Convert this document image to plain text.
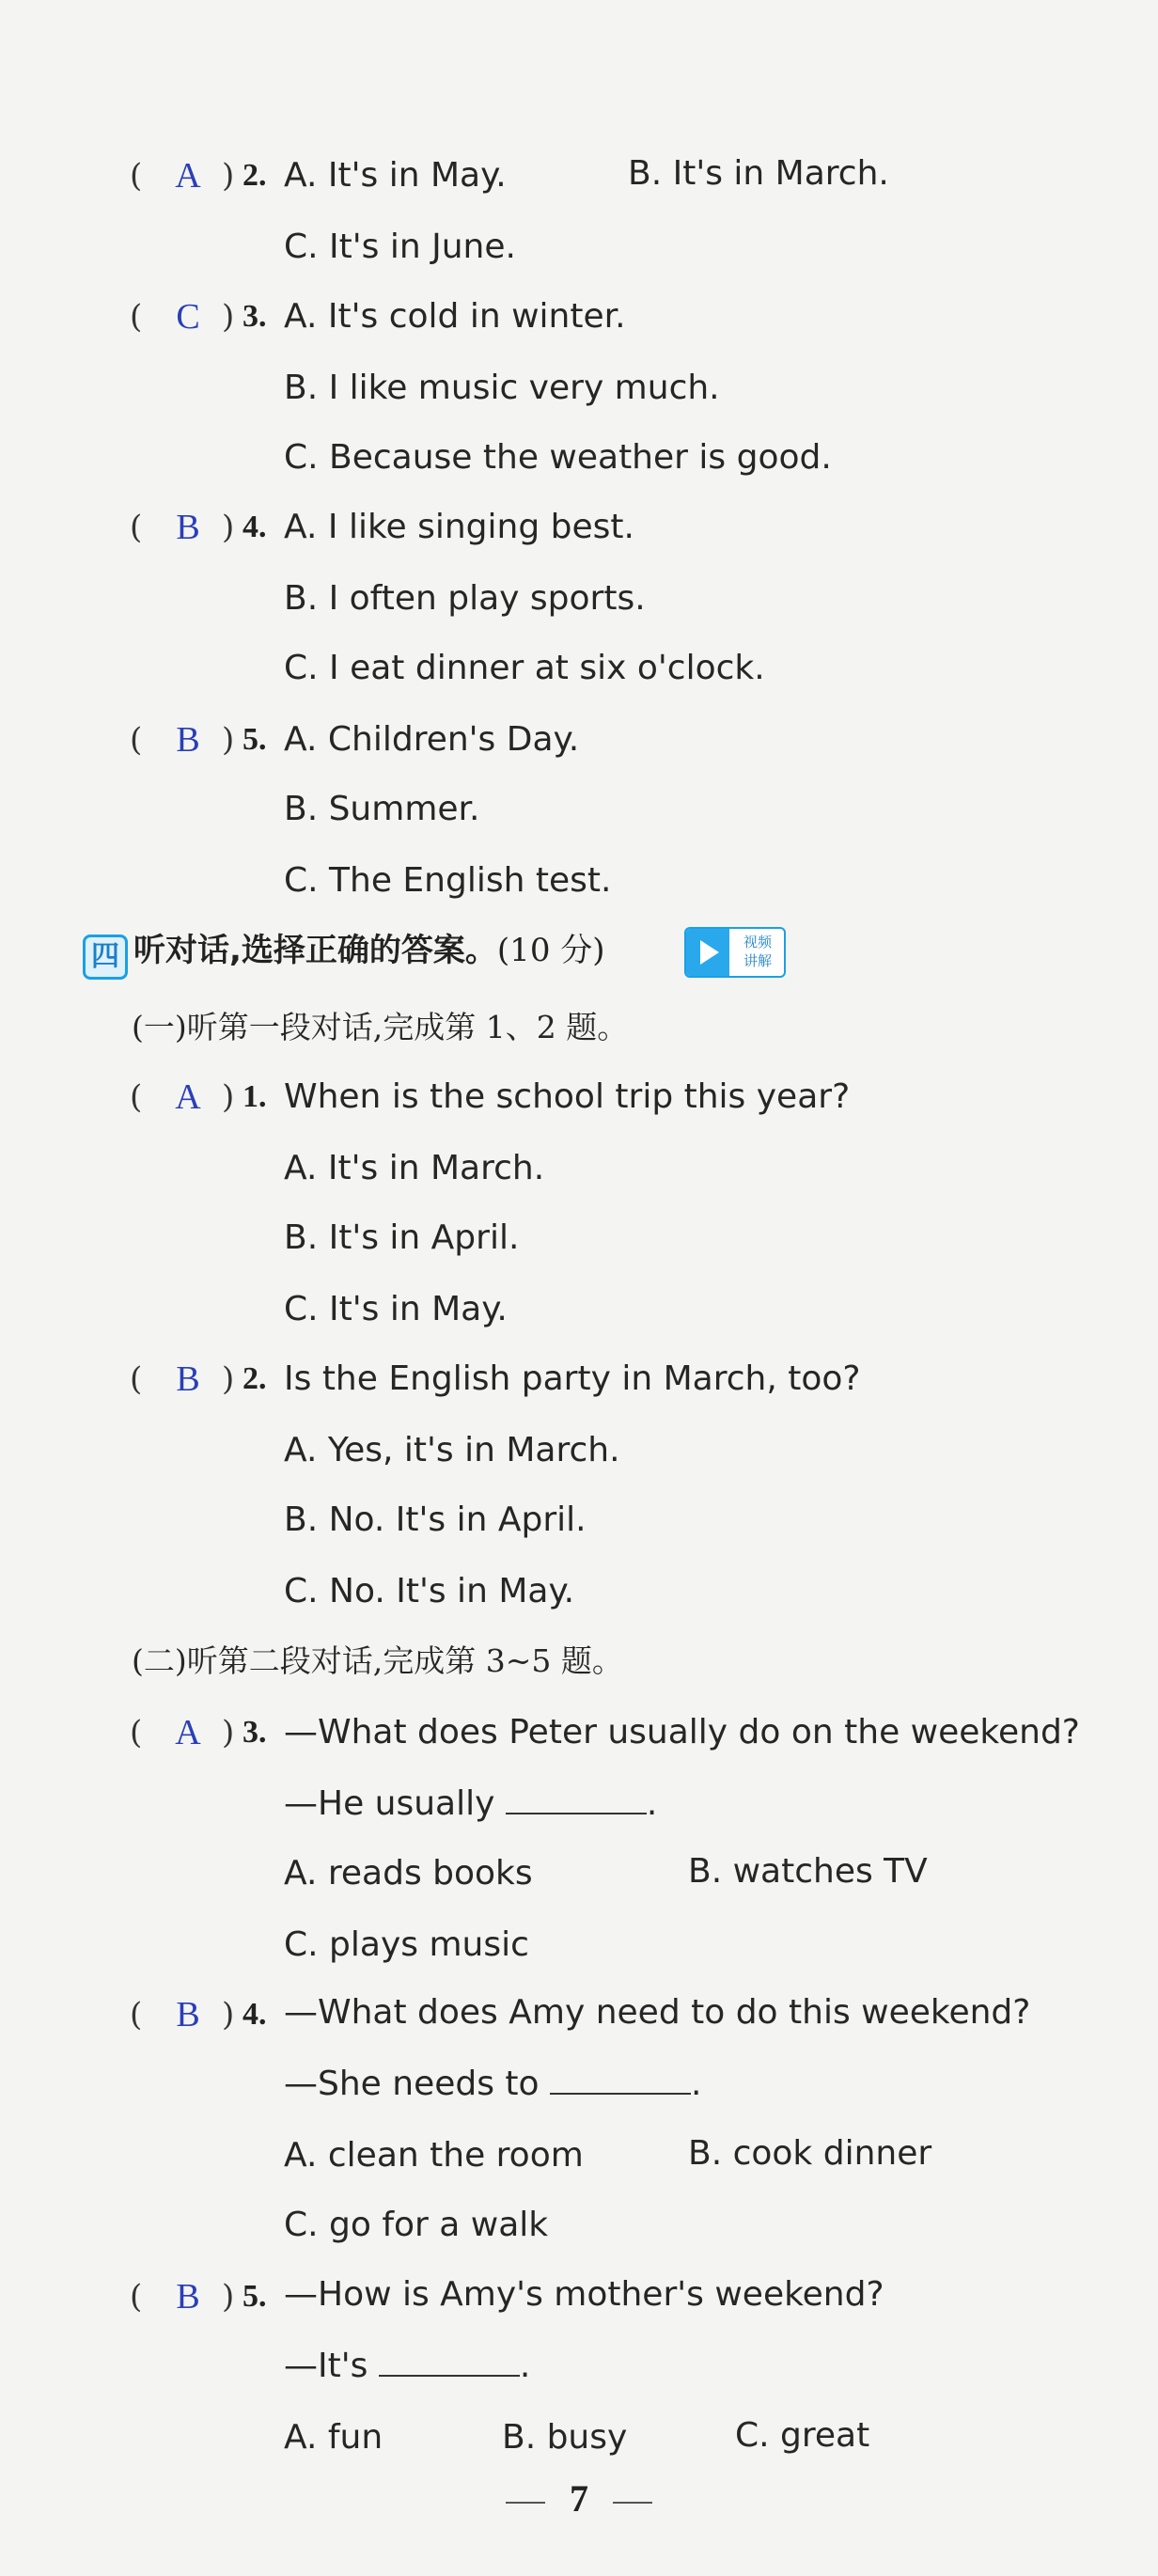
( A ) 2. A. It's in May.	B. It's in March.
C. It's in June.
( C ) 3. A. It's cold in winter.
B. I like music very much.
C. Because the weather is good.
( B ) 4. A. I like singing best.
B. I often play sports.
C. I eat dinner at six o'clock.
( B ) 5. A. Children's Day.
B. Summer.
C. The English test.
四 听对话,选择正确的答案。(10 分)	视频
讲解
(一)听第一段对话,完成第 1、2 题。
( A ) 1. When is the school trip this year?
A. It's in March.
B. It's in April.
C. It's in May.
( B ) 2. Is the English party in March, too?
A. Yes, it's in March.
B. No. It's in April.
C. No. It's in May.
(二)听第二段对话,完成第 3~5 题。
( A ) 3. —What does Peter usually do on the weekend?
—He usually	.
A. reads books	B. watches TV
C. plays music
( B ) 4. —What does Amy need to do this weekend?
—She needs to	.
A. clean the room	B. cook dinner
C. go for a walk
( B ) 5. —How is Amy's mother's weekend?
—It's	.
A. fun	B. busy	C. great
7
